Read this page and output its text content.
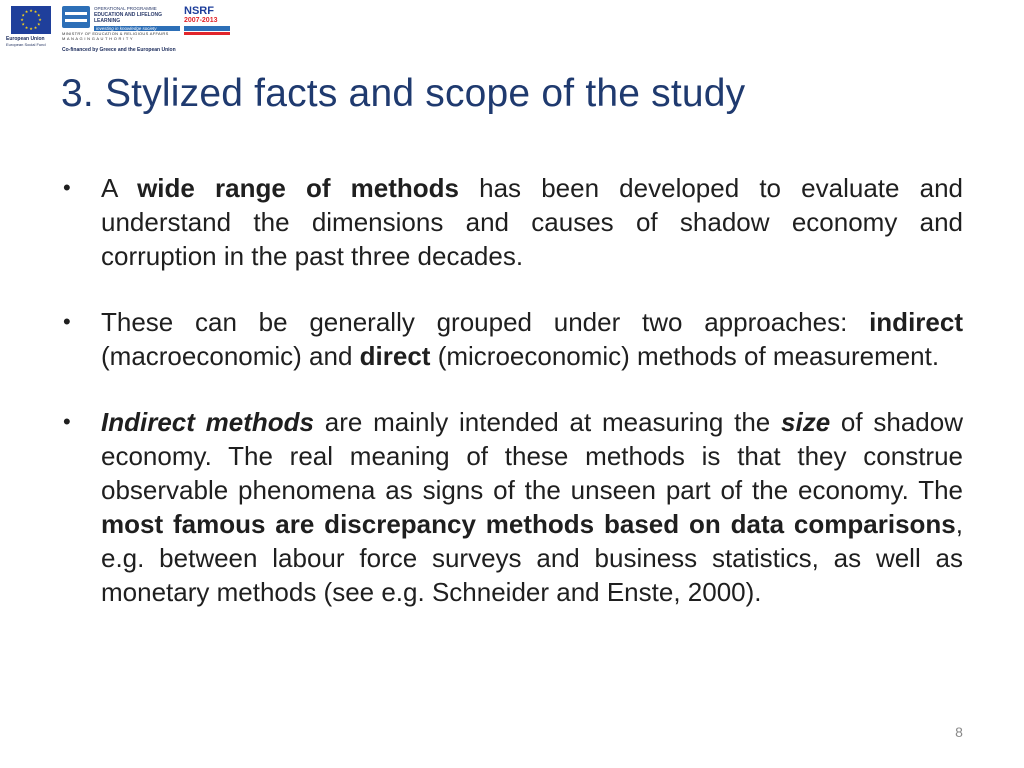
★ ★
★
★
★
★
★
★
★
★
★
★
European Union
European Social Fund
OPERATIONAL PROGRAMME
EDUCATION AND LIFELONG LEARNING
investing in knowledge society
MINISTRY OF EDUCATION & RELIGIOUS AFFAIRS
M A N A G I N G A U T H O R I T Y
Co-financed by Greece and the European Union
NSRF
2007-2013
3. Stylized facts and scope of the study
• A wide range of methods has been developed to evaluate and understand the dimensions and causes of shadow economy and corruption in the past three decades.
• These can be generally grouped under two approaches: indirect (macroeconomic) and direct (microeconomic) methods of measurement.
• Indirect methods are mainly intended at measuring the size of shadow economy. The real meaning of these methods is that they construe observable phenomena as signs of the unseen part of the economy. The most famous are discrepancy methods based on data comparisons, e.g. between labour force surveys and business statistics, as well as monetary methods (see e.g. Schneider and Enste, 2000).
8
